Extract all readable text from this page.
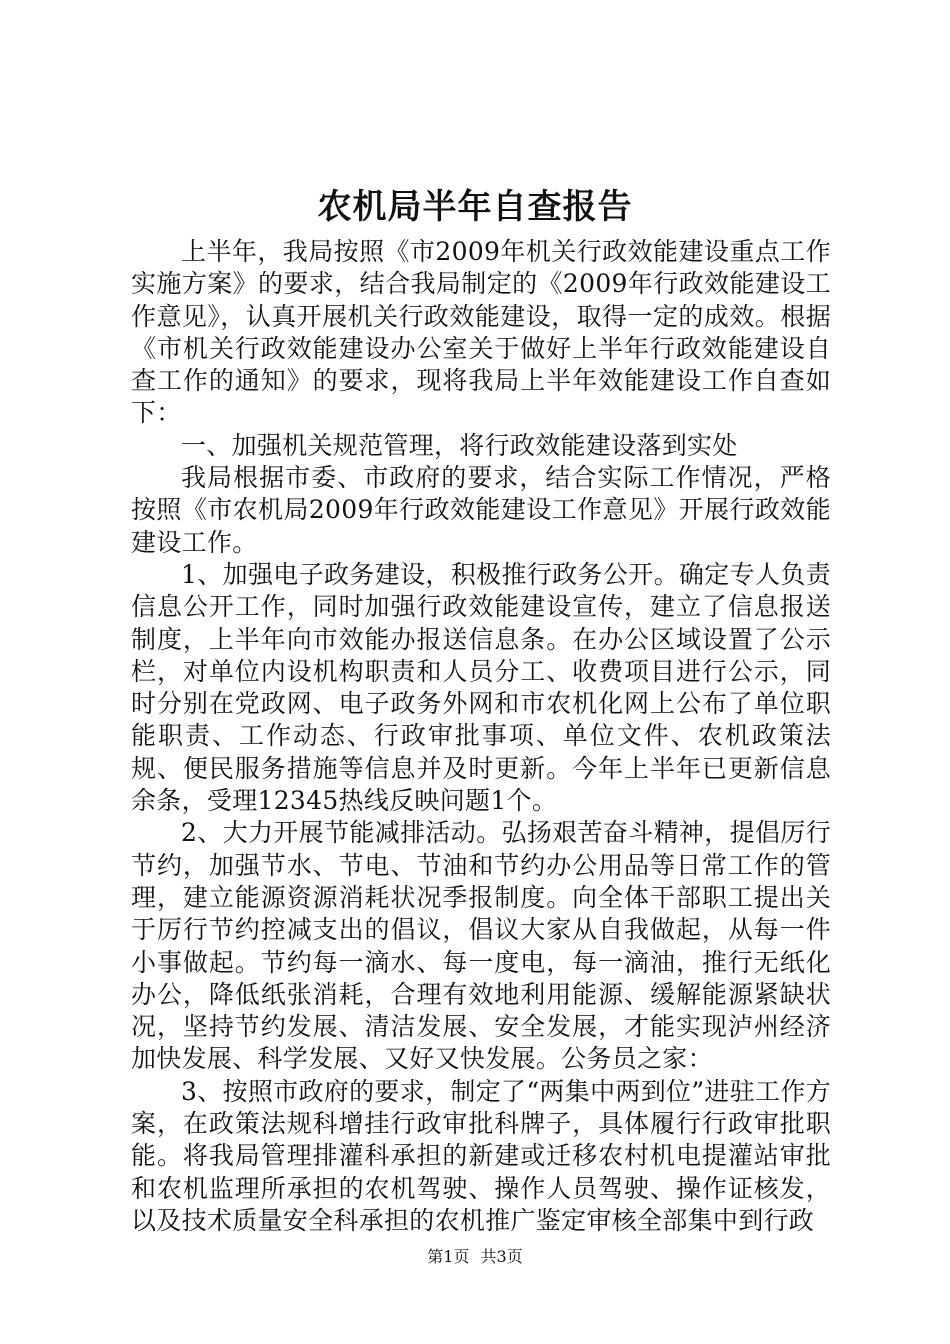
农机局半年自查报告

上半年，我局按照《市2009年机关行政效能建设重点工作实施方案》的要求，结合我局制定的《2009年行政效能建设工作意见》，认真开展机关行政效能建设，取得一定的成效。根据《市机关行政效能建设办公室关于做好上半年行政效能建设自查工作的通知》的要求，现将我局上半年效能建设工作自查如下：

一、加强机关规范管理，将行政效能建设落到实处

我局根据市委、市政府的要求，结合实际工作情况，严格按照《市农机局2009年行政效能建设工作意见》开展行政效能建设工作。

1、加强电子政务建设，积极推行政务公开。确定专人负责信息公开工作，同时加强行政效能建设宣传，建立了信息报送制度，上半年向市效能办报送信息条。在办公区域设置了公示栏，对单位内设机构职责和人员分工、收费项目进行公示，同时分别在党政网、电子政务外网和市农机化网上公布了单位职能职责、工作动态、行政审批事项、单位文件、农机政策法规、便民服务措施等信息并及时更新。今年上半年已更新信息余条，受理12345热线反映问题1个。

2、大力开展节能减排活动。弘扬艰苦奋斗精神，提倡厉行节约，加强节水、节电、节油和节约办公用品等日常工作的管理，建立能源资源消耗状况季报制度。向全体干部职工提出关于厉行节约控减支出的倡议，倡议大家从自我做起，从每一件小事做起。节约每一滴水、每一度电，每一滴油，推行无纸化办公，降低纸张消耗，合理有效地利用能源、缓解能源紧缺状况，坚持节约发展、清洁发展、安全发展，才能实现泸州经济加快发展、科学发展、又好又快发展。公务员之家：

3、按照市政府的要求，制定了“两集中两到位”进驻工作方案，在政策法规科增挂行政审批科牌子，具体履行行政审批职能。将我局管理排灌科承担的新建或迁移农村机电提灌站审批和农机监理所承担的农机驾驶、操作人员驾驶、操作证核发，以及技术质量安全科承担的农机推广鉴定审核全部集中到行政

第1页 共3页
